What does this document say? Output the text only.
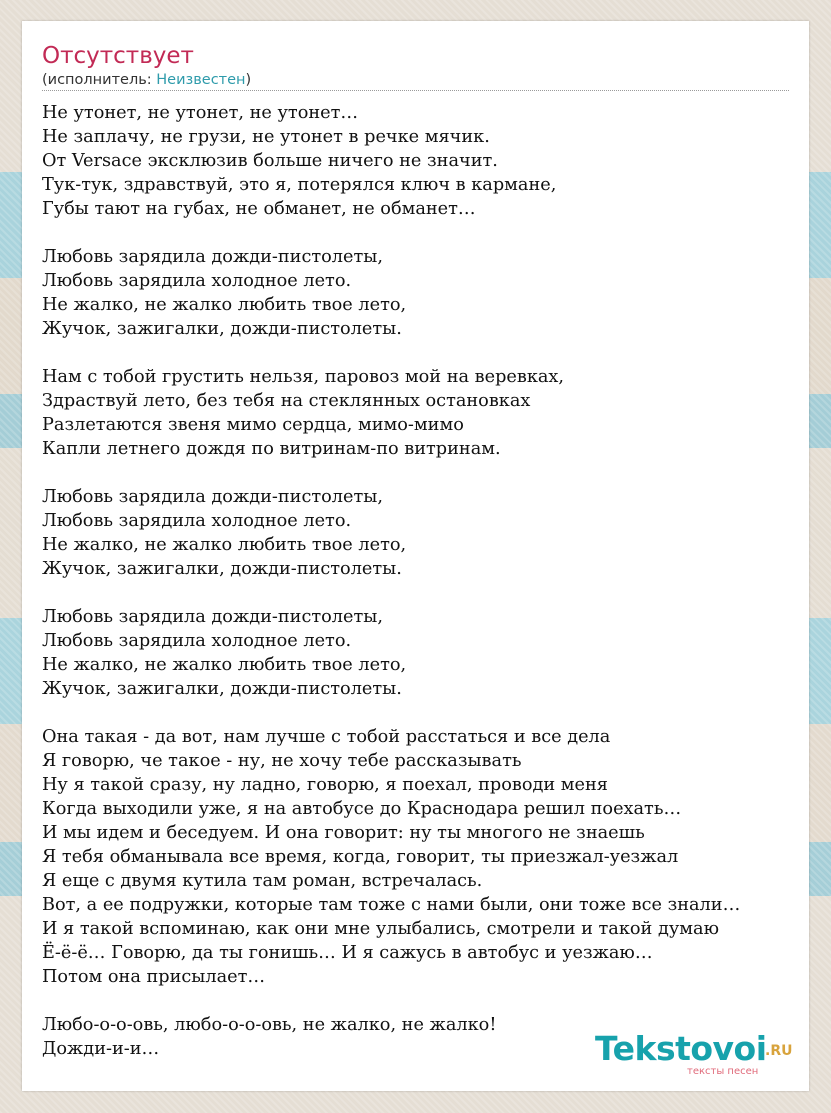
Отсутствует
(исполнитель: Неизвестен)
Не утонет, не утонет, не утонет…
Не заплачу, не грузи, не утонет в речке мячик.
От Versace эксклюзив больше ничего не значит.
Тук-тук, здравствуй, это я, потерялся ключ в кармане,
Губы тают на губах, не обманет, не обманет…

Любовь зарядила дожди-пистолеты,
Любовь зарядила холодное лето.
Не жалко, не жалко любить твое лето,
Жучок, зажигалки, дожди-пистолеты.

Нам с тобой грустить нельзя, паровоз мой на веревках,
Здраствуй лето, без тебя на стеклянных остановках
Разлетаются звеня мимо сердца, мимо-мимо
Капли летнего дождя по витринам-по витринам.

Любовь зарядила дожди-пистолеты,
Любовь зарядила холодное лето.
Не жалко, не жалко любить твое лето,
Жучок, зажигалки, дожди-пистолеты.

Любовь зарядила дожди-пистолеты,
Любовь зарядила холодное лето.
Не жалко, не жалко любить твое лето,
Жучок, зажигалки, дожди-пистолеты.

Она такая - да вот, нам лучше с тобой расстаться и все дела
Я говорю, че такое - ну, не хочу тебе рассказывать
Ну я такой сразу, ну ладно, говорю, я поехал, проводи меня
Когда выходили уже, я на автобусе до Краснодара решил поехать…
И мы идем и беседуем. И она говорит: ну ты многого не знаешь
Я тебя обманывала все время, когда, говорит, ты приезжал-уезжал
Я еще с двумя кутила там роман, встречалась.
Вот, а ее подружки, которые там тоже с нами были, они тоже все знали…
И я такой вспоминаю, как они мне улыбались, смотрели и такой думаю
Ё-ё-ё… Говорю, да ты гонишь… И я сажусь в автобус и уезжаю…
Потом она присылает…

Любо-о-о-овь, любо-о-о-овь, не жалко, не жалко!
Дожди-и-и…	Tekstovoi
.RU
тексты песен
